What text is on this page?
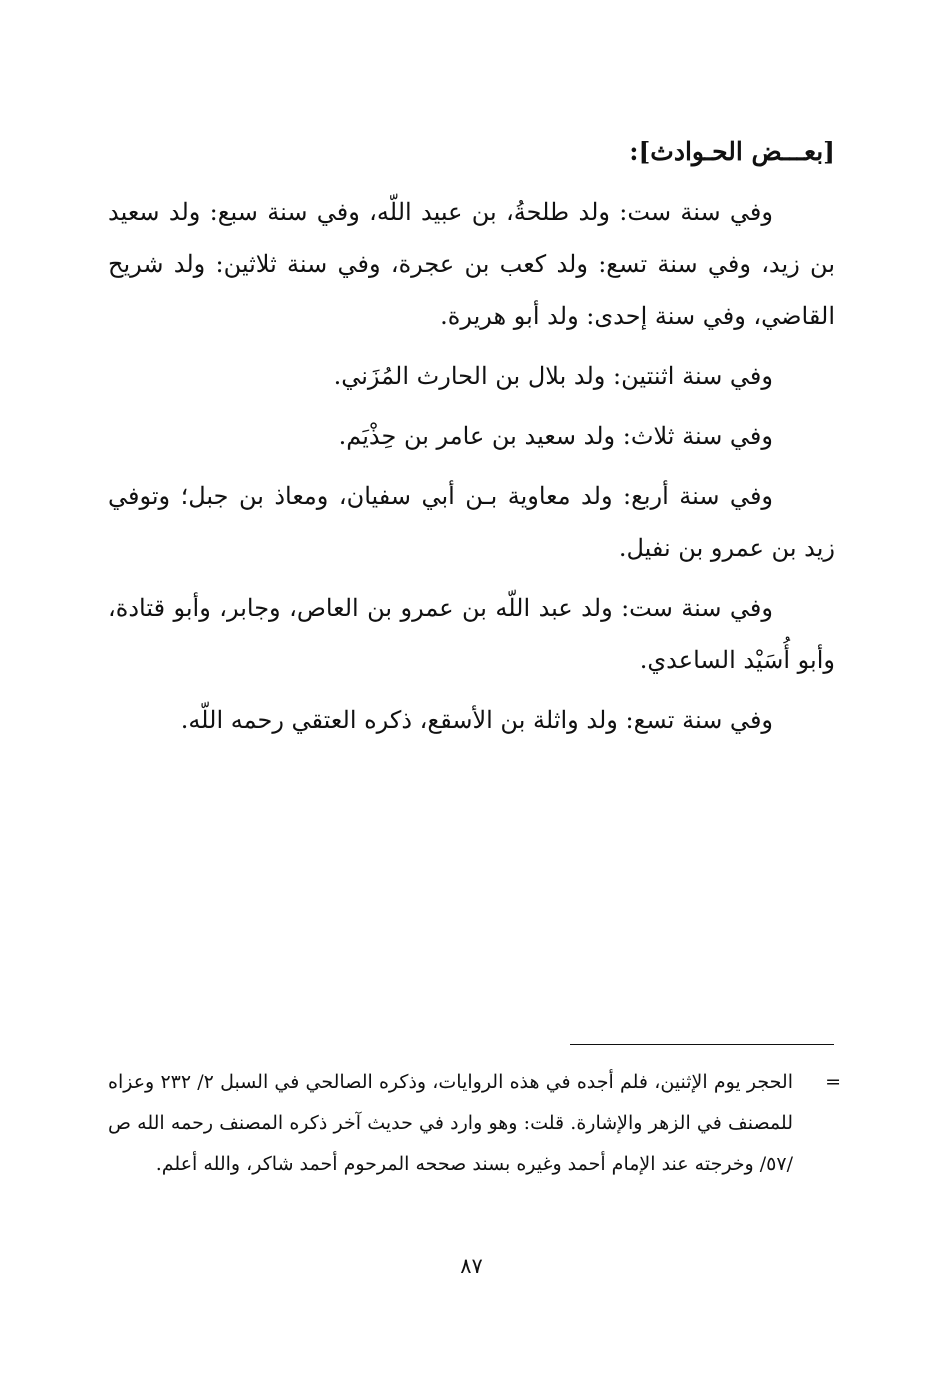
[بعـــض الحـوادث]:

وفي سنة ست: ولد طلحةُ، بن عبيد اللّه، وفي سنة سبع: ولد سعيد بن زيد، وفي سنة تسع: ولد كعب بن عجرة، وفي سنة ثلاثين: ولد شريح القاضي، وفي سنة إحدى: ولد أبو هريرة.

وفي سنة اثنتين: ولد بلال بن الحارث المُزَني.

وفي سنة ثلاث: ولد سعيد بن عامر بن حِذْيَم.

وفي سنة أربع: ولد معاوية بـن أبي سفيان، ومعاذ بن جبل؛ وتوفي زيد بن عمرو بن نفيل.

وفي سنة ست: ولد عبد اللّه بن عمرو بن العاص، وجابر، وأبو قتادة، وأبو أُسَيْد الساعدي.

وفي سنة تسع: ولد واثلة بن الأسقع، ذكره العتقي رحمه اللّه.

=
الحجر يوم الإثنين، فلم أجده في هذه الروايات، وذكره الصالحي في السبل ٢/ ٢٣٢ وعزاه للمصنف في الزهر والإشارة. قلت: وهو وارد في حديث آخر ذكره المصنف رحمه الله ص /٥٧/ وخرجته عند الإمام أحمد وغيره بسند صححه المرحوم أحمد شاكر، والله أعلم.
٨٧
